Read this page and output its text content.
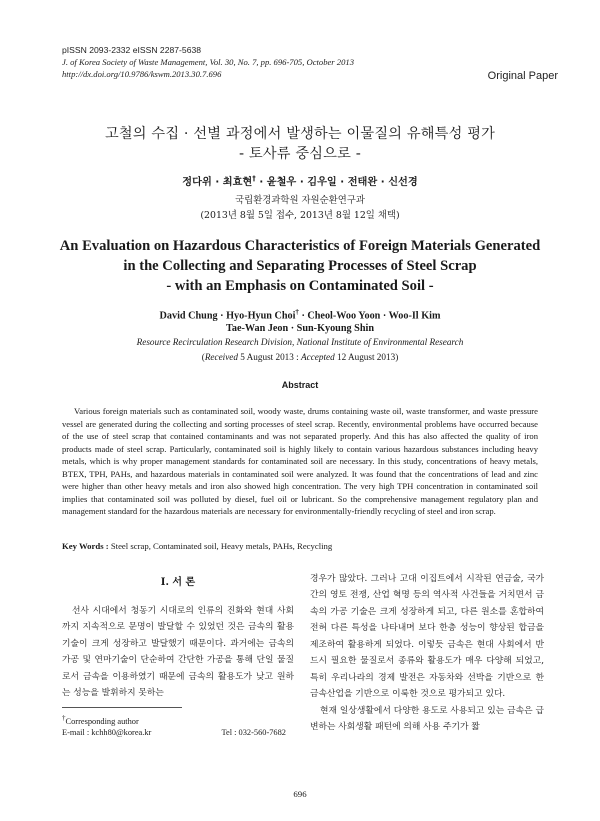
pISSN 2093-2332 eISSN 2287-5638
J. of Korea Society of Waste Management, Vol. 30, No. 7, pp. 696-705, October 2013
http://dx.doi.org/10.9786/kswm.2013.30.7.696	Original Paper
고철의 수집 · 선별 과정에서 발생하는 이물질의 유해특성 평가
- 토사류 중심으로 -
정다위 · 최효현† · 윤철우 · 김우일 · 전태완 · 신선경
국립환경과학원 자원순환연구과
(2013년 8월 5일 접수, 2013년 8월 12일 채택)
An Evaluation on Hazardous Characteristics of Foreign Materials Generated
in the Collecting and Separating Processes of Steel Scrap
- with an Emphasis on Contaminated Soil -
David Chung · Hyo-Hyun Choi† · Cheol-Woo Yoon · Woo-Il Kim
Tae-Wan Jeon · Sun-Kyoung Shin
Resource Recirculation Research Division, National Institute of Environmental Research
(Received 5 August 2013 : Accepted 12 August 2013)
Abstract

Various foreign materials such as contaminated soil, woody waste, drums containing waste oil, waste transformer, and waste pressure vessel are generated during the collecting and sorting processes of steel scrap. Recently, environmental problems have occurred because of the use of steel scrap that contained contaminants and was not separated properly. And this has also affected the quality of iron products made of steel scrap. Particularly, contaminated soil is highly likely to contain various hazardous substances including heavy metals, which is why proper management standards for contaminated soil are necessary. In this study, concentrations of heavy metals, BTEX, TPH, PAHs, and hazardous materials in contaminated soil were analyzed. It was found that the concentrations of lead and zinc were higher than other heavy metals and iron also showed high concentration. The very high TPH concentration in contaminated soil implies that contaminated soil was polluted by diesel, fuel oil or lubricant. So the comprehensive management regulatory plan and management standard for the hazardous materials are necessary for environmentally-friendly recycling of steel and iron scrap.

Key Words : Steel scrap, Contaminated soil, Heavy metals, PAHs, Recycling
I. 서 론

선사 시대에서 청동기 시대로의 인류의 진화와 현대 사회까지 지속적으로 문명이 발달할 수 있었던 것은 금속의 활용기술이 크게 성장하고 발달했기 때문이다. 과거에는 금속의 가공 및 연마기술이 단순하여 간단한 가공을 통해 단일 물질로서 금속을 이용하였기 때문에 금속의 활용도가 낮고 원하는 성능을 발휘하지 못하는

경우가 많았다. 그러나 고대 이집트에서 시작된 연금술, 국가 간의 영토 전쟁, 산업 혁명 등의 역사적 사건들을 거치면서 금속의 가공 기술은 크게 성장하게 되고, 다른 원소를 혼합하여 전혀 다른 특성을 나타내며 보다 한층 성능이 향상된 합금을 제조하여 활용하게 되었다. 이렇듯 금속은 현대 사회에서 반드시 필요한 물질로서 종류와 활용도가 매우 다양해 되었고, 특히 우리나라의 경제 발전은 자동차와 선박을 기반으로 한 금속산업을 기반으로 이룩한 것으로 평가되고 있다.

현재 일상생활에서 다양한 용도로 사용되고 있는 금속은 급변하는 사회생활 패턴에 의해 사용 주기가 짧

†Corresponding author
E-mail : kchh80@korea.kr	Tel : 032-560-7682
696
